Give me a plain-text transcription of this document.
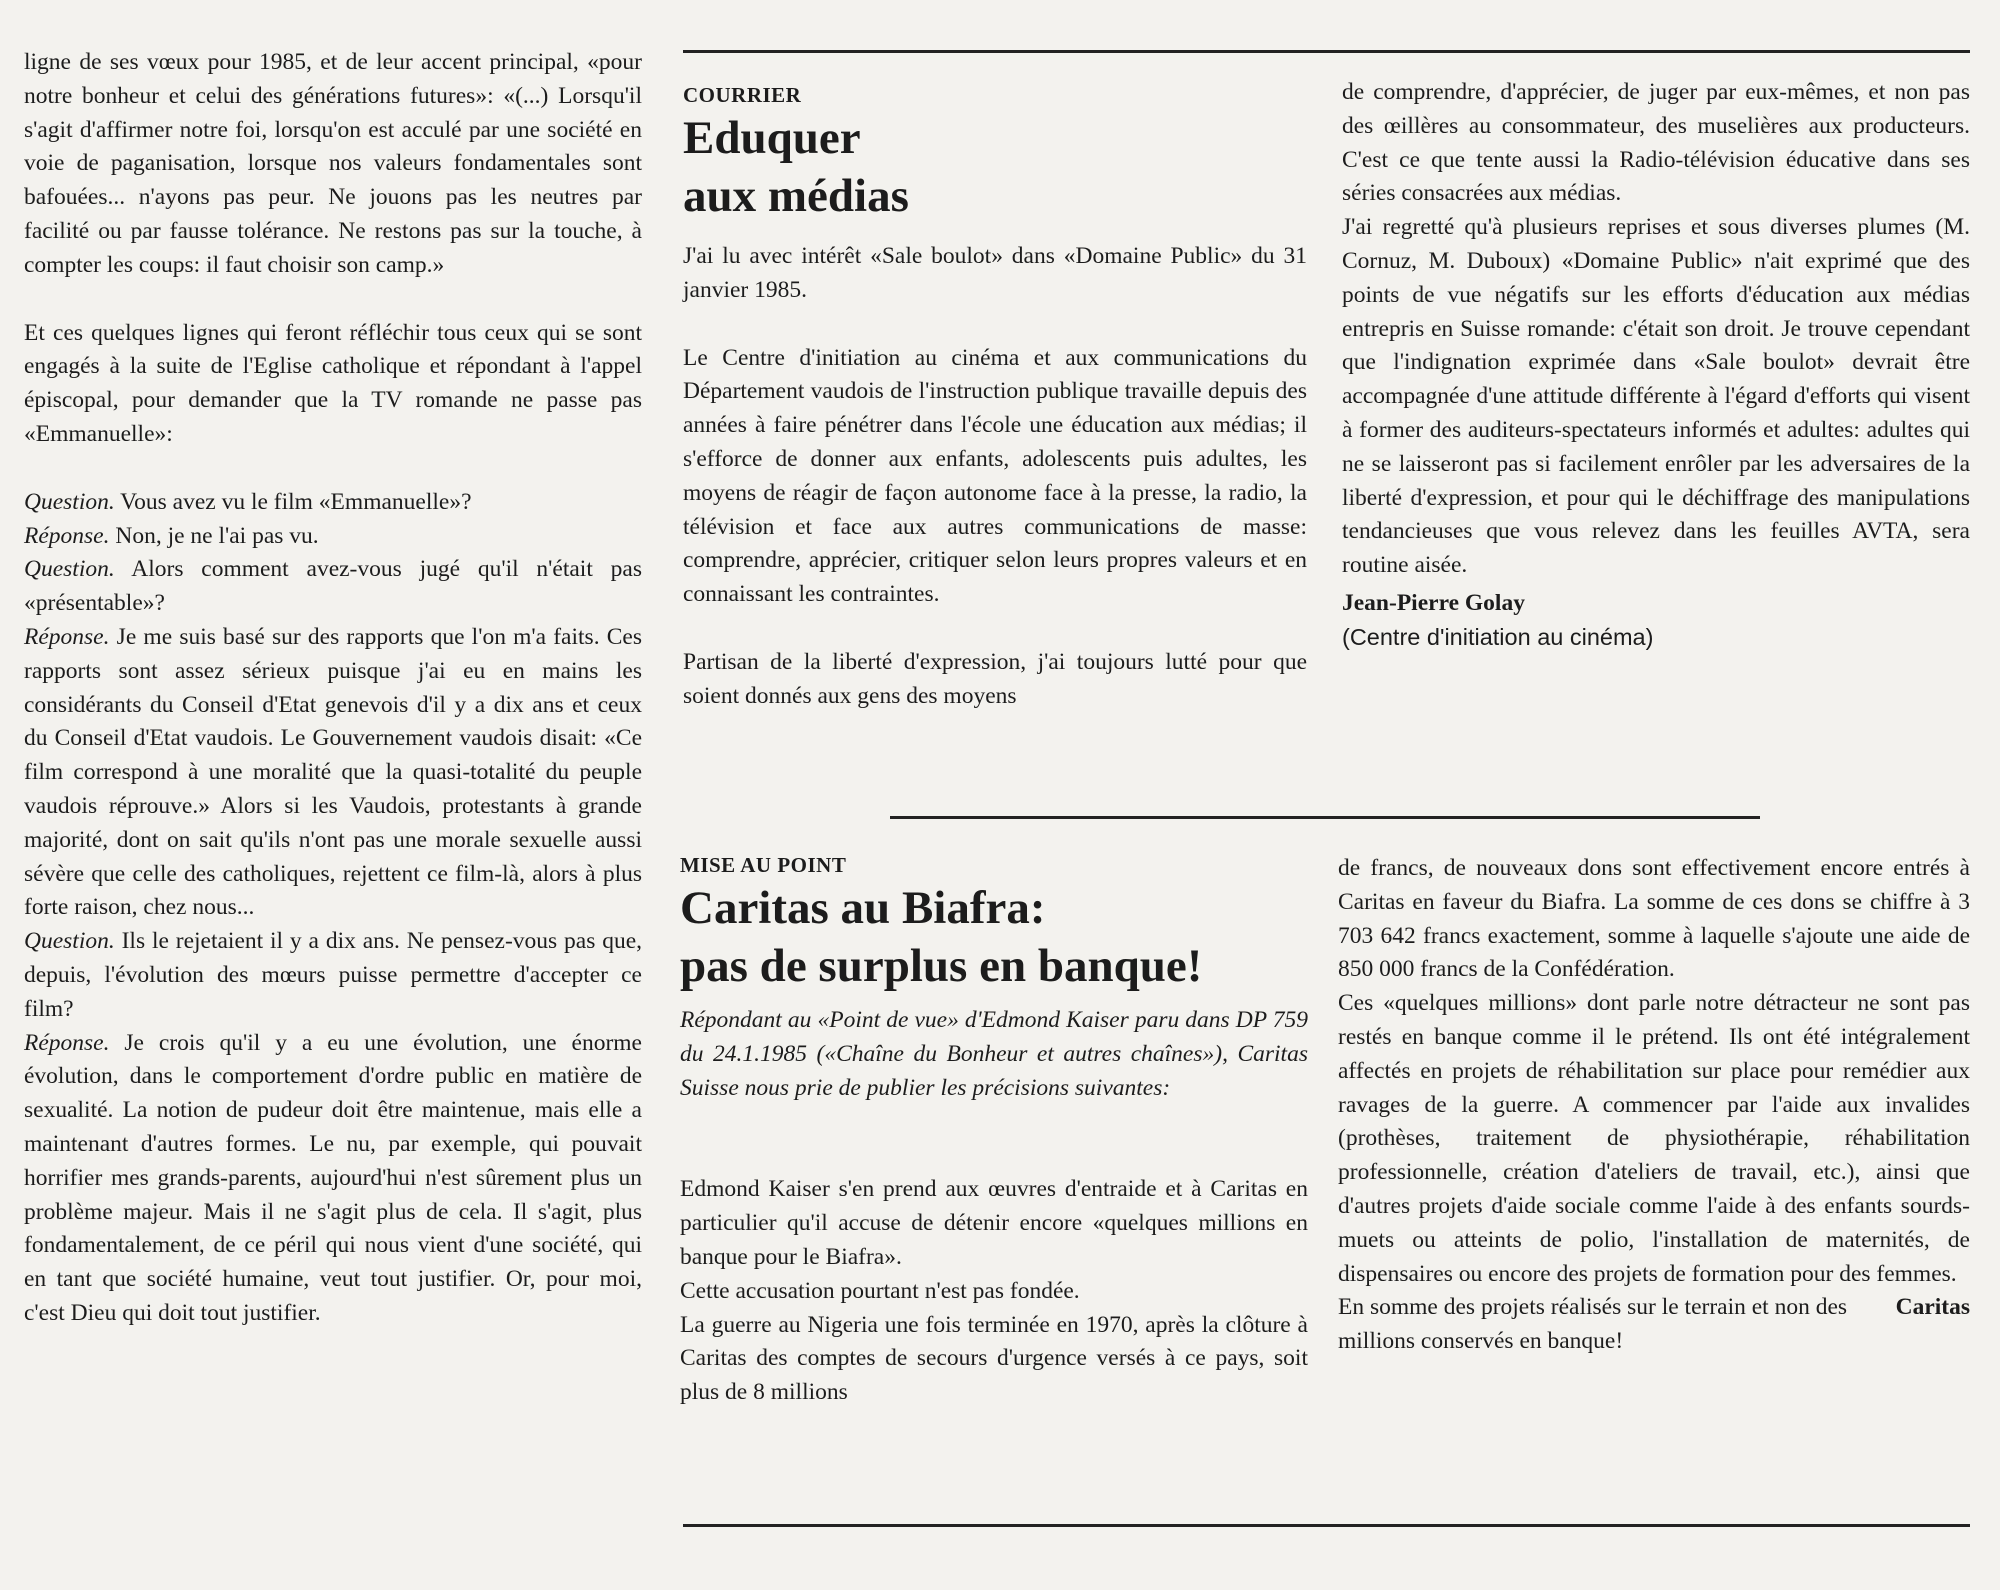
ligne de ses vœux pour 1985, et de leur accent principal, «pour notre bonheur et celui des générations futures»: «(...) Lorsqu'il s'agit d'affirmer notre foi, lorsqu'on est acculé par une société en voie de paganisation, lorsque nos valeurs fondamentales sont bafouées... n'ayons pas peur. Ne jouons pas les neutres par facilité ou par fausse tolérance. Ne restons pas sur la touche, à compter les coups: il faut choisir son camp.»

Et ces quelques lignes qui feront réfléchir tous ceux qui se sont engagés à la suite de l'Eglise catholique et répondant à l'appel épiscopal, pour demander que la TV romande ne passe pas «Emmanuelle»:

Question. Vous avez vu le film «Emmanuelle»?

Réponse. Non, je ne l'ai pas vu.

Question. Alors comment avez-vous jugé qu'il n'était pas «présentable»?

Réponse. Je me suis basé sur des rapports que l'on m'a faits. Ces rapports sont assez sérieux puisque j'ai eu en mains les considérants du Conseil d'Etat genevois d'il y a dix ans et ceux du Conseil d'Etat vaudois. Le Gouvernement vaudois disait: «Ce film correspond à une moralité que la quasi-totalité du peuple vaudois réprouve.» Alors si les Vaudois, protestants à grande majorité, dont on sait qu'ils n'ont pas une morale sexuelle aussi sévère que celle des catholiques, rejettent ce film-là, alors à plus forte raison, chez nous...

Question. Ils le rejetaient il y a dix ans. Ne pensez-vous pas que, depuis, l'évolution des mœurs puisse permettre d'accepter ce film?

Réponse. Je crois qu'il y a eu une évolution, une énorme évolution, dans le comportement d'ordre public en matière de sexualité. La notion de pudeur doit être maintenue, mais elle a maintenant d'autres formes. Le nu, par exemple, qui pouvait horrifier mes grands-parents, aujourd'hui n'est sûrement plus un problème majeur. Mais il ne s'agit plus de cela. Il s'agit, plus fondamentalement, de ce péril qui nous vient d'une société, qui en tant que société humaine, veut tout justifier. Or, pour moi, c'est Dieu qui doit tout justifier.

COURRIER
Eduquer
aux médias

J'ai lu avec intérêt «Sale boulot» dans «Domaine Public» du 31 janvier 1985.

Le Centre d'initiation au cinéma et aux communications du Département vaudois de l'instruction publique travaille depuis des années à faire pénétrer dans l'école une éducation aux médias; il s'efforce de donner aux enfants, adolescents puis adultes, les moyens de réagir de façon autonome face à la presse, la radio, la télévision et face aux autres communications de masse: comprendre, apprécier, critiquer selon leurs propres valeurs et en connaissant les contraintes.

Partisan de la liberté d'expression, j'ai toujours lutté pour que soient donnés aux gens des moyens

de comprendre, d'apprécier, de juger par eux-mêmes, et non pas des œillères au consommateur, des muselières aux producteurs. C'est ce que tente aussi la Radio-télévision éducative dans ses séries consacrées aux médias.

J'ai regretté qu'à plusieurs reprises et sous diverses plumes (M. Cornuz, M. Duboux) «Domaine Public» n'ait exprimé que des points de vue négatifs sur les efforts d'éducation aux médias entrepris en Suisse romande: c'était son droit. Je trouve cependant que l'indignation exprimée dans «Sale boulot» devrait être accompagnée d'une attitude différente à l'égard d'efforts qui visent à former des auditeurs-spectateurs informés et adultes: adultes qui ne se laisseront pas si facilement enrôler par les adversaires de la liberté d'expression, et pour qui le déchiffrage des manipulations tendancieuses que vous relevez dans les feuilles AVTA, sera routine aisée.

Jean-Pierre Golay

(Centre d'initiation au cinéma)

MISE AU POINT
Caritas au Biafra:
pas de surplus en banque!

Répondant au «Point de vue» d'Edmond Kaiser paru dans DP 759 du 24.1.1985 («Chaîne du Bonheur et autres chaînes»), Caritas Suisse nous prie de publier les précisions suivantes:

Edmond Kaiser s'en prend aux œuvres d'entraide et à Caritas en particulier qu'il accuse de détenir encore «quelques millions en banque pour le Biafra».

Cette accusation pourtant n'est pas fondée.

La guerre au Nigeria une fois terminée en 1970, après la clôture à Caritas des comptes de secours d'urgence versés à ce pays, soit plus de 8 millions

de francs, de nouveaux dons sont effectivement encore entrés à Caritas en faveur du Biafra. La somme de ces dons se chiffre à 3 703 642 francs exactement, somme à laquelle s'ajoute une aide de 850 000 francs de la Confédération.

Ces «quelques millions» dont parle notre détracteur ne sont pas restés en banque comme il le prétend. Ils ont été intégralement affectés en projets de réhabilitation sur place pour remédier aux ravages de la guerre. A commencer par l'aide aux invalides (prothèses, traitement de physiothérapie, réhabilitation professionnelle, création d'ateliers de travail, etc.), ainsi que d'autres projets d'aide sociale comme l'aide à des enfants sourds-muets ou atteints de polio, l'installation de maternités, de dispensaires ou encore des projets de formation pour des femmes.

En somme des projets réalisés sur le terrain et non des millions conservés en banque!
Caritas
